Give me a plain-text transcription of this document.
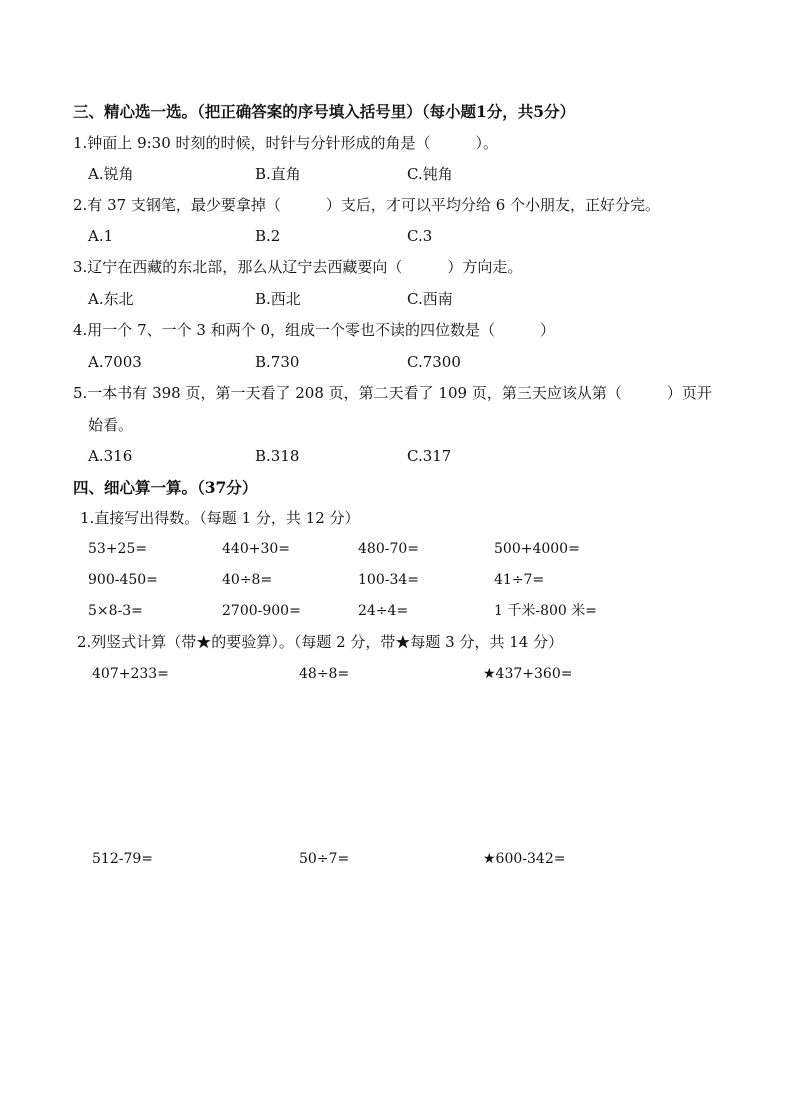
三、精心选一选。（把正确答案的序号填入括号里）（每小题1分，共5分）
1.钟面上 9:30 时刻的时候，时针与分针形成的角是（　　　）。
A.锐角	B.直角	C.钝角
2.有 37 支钢笔，最少要拿掉（　　　）支后，才可以平均分给 6 个小朋友，正好分完。
A.1	B.2	C.3
3.辽宁在西藏的东北部，那么从辽宁去西藏要向（　　　）方向走。
A.东北	B.西北	C.西南
4.用一个 7、一个 3 和两个 0，组成一个零也不读的四位数是（　　　）
A.7003	B.730	C.7300
5.一本书有 398 页，第一天看了 208 页，第二天看了 109 页，第三天应该从第（　　　）页开
始看。
A.316	B.318	C.317
四、细心算一算。（37分）
1.直接写出得数。（每题 1 分，共 12 分）
53+25=	440+30=	480-70=	500+4000=
900-450=	40÷8=	100-34=	41÷7=
5×8-3=	2700-900=	24÷4=	1 千米-800 米=
2.列竖式计算（带★的要验算）。（每题 2 分，带★每题 3 分，共 14 分）
407+233=	48÷8=	★437+360=
512-79=	50÷7=	★600-342=
